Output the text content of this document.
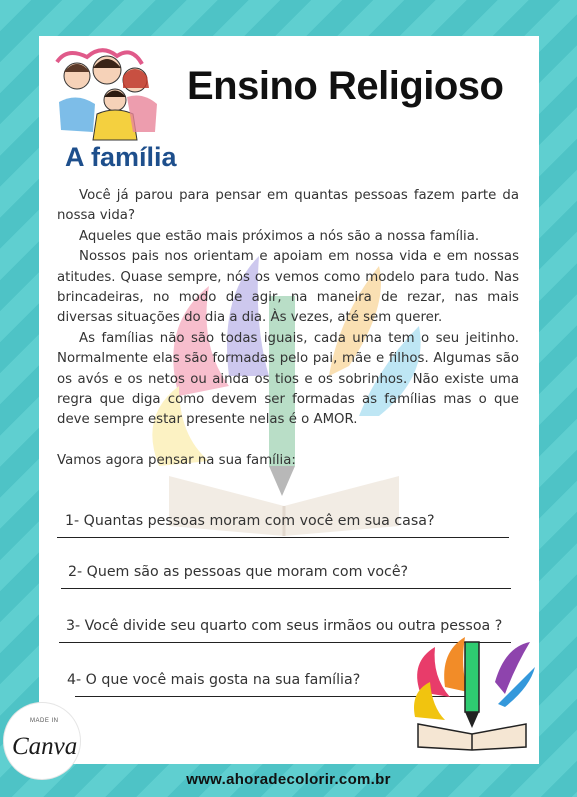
Ensino Religioso
A família

Você já parou para pensar em quantas pessoas fazem parte da nossa vida?

Aqueles que estão mais próximos a nós são a nossa família.

Nossos pais nos orientam e apoiam em nossa vida e em nossas atitudes. Quase sempre, nós os vemos como modelo para tudo. Nas brincadeiras, no modo de agir, na maneira de rezar, nas mais diversas situações do dia a dia. Às vezes, até sem querer.

As famílias não são todas iguais, cada uma tem o seu jeitinho. Normalmente elas são formadas pelo pai, mãe e filhos. Algumas são os avós e os netos ou ainda os tios e os sobrinhos. Não existe uma regra que diga como devem ser formadas as famílias mas o que deve sempre estar presente nelas é o AMOR.

Vamos agora pensar na sua família:

1- Quantas pessoas moram com você em sua casa?
2- Quem são as pessoas que moram com você?
3- Você divide seu quarto com seus irmãos ou outra pessoa ?
4- O que você mais gosta na sua família?
MADE IN
Canva
www.ahoradecolorir.com.br
